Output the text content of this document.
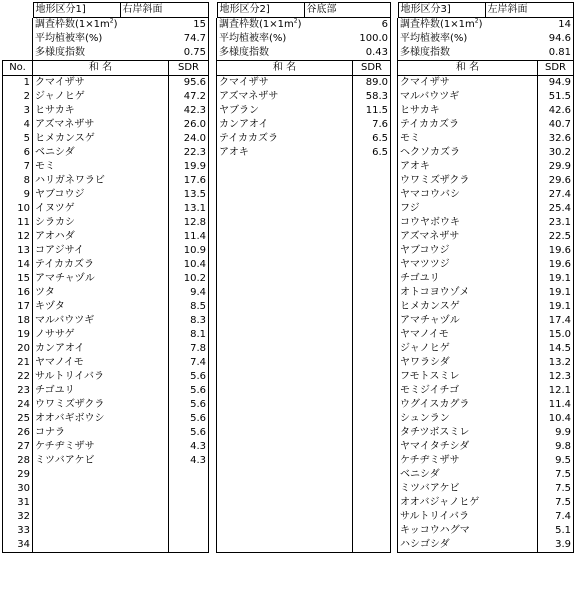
	地形区分1] 右岸斜面	

	調査枠数$(1\times 1m^2)$	15
	平均植被率(%)	74.7
	多様度指数	0.75
No.	和 名	SDR
1	クマイザサ	95.6
2	ジャノヒゲ	47.2
3	ヒサカキ	42.3
4	アズマネザサ	26.0
5	ヒメカンスゲ	24.0
6	ベニシダ	22.3
7	モミ	19.9
8	ハリガネワラビ	17.6
9	ヤブコウジ	13.5
10	イヌツゲ	13.1
11	シラカシ	12.8
12	アオハダ	11.4
13	コアジサイ	10.9
14	テイカカズラ	10.4
15	アマチャヅル	10.2
16	ツタ	9.4
17	キヅタ	8.5
18	マルバウツギ	8.3
19	ノササゲ	8.1
20	カンアオイ	7.8
21	ヤマノイモ	7.4
22	サルトリイバラ	5.6
23	チゴユリ	5.6
24	ウワミズザクラ	5.6
25	オオバギボウシ	5.6
26	コナラ	5.6
27	ケチヂミザサ	4.3
28	ミツバアケビ	4.3
29		
30		
31		
32		
33		
34		
地形区分2] 谷底部	

調査枠数$(1\times 1m^2)$	6
平均植被率(%)	100.0
多様度指数	0.43
和 名	SDR
クマイザサ	89.0
アズマネザサ	58.3
ヤブラン	11.5
カンアオイ	7.6
テイカカズラ	6.5
アオキ	6.5

地形区分3] 左岸斜面	

調査枠数$(1\times 1m^2)$	14
平均植被率(%)	94.6
多様度指数	0.81
和 名	SDR
クマイザサ	94.9
マルバウツギ	51.5
ヒサカキ	42.6
テイカカズラ	40.7
モミ	32.6
ヘクソカズラ	30.2
アオキ	29.9
ウワミズザクラ	29.6
ヤマコウバシ	27.4
フジ	25.4
コウヤボウキ	23.1
アズマネザサ	22.5
ヤブコウジ	19.6
ヤマツツジ	19.6
チゴユリ	19.1
オトコヨウゾメ	19.1
ヒメカンスゲ	19.1
アマチャヅル	17.4
ヤマノイモ	15.0
ジャノヒゲ	14.5
ヤワラシダ	13.2
フモトスミレ	12.3
モミジイチゴ	12.1
ウグイスカグラ	11.4
シュンラン	10.4
タチツボスミレ	9.9
ヤマイタチシダ	9.8
ケチヂミザサ	9.5
ベニシダ	7.5
ミツバアケビ	7.5
オオバジャノヒゲ	7.5
サルトリイバラ	7.4
キッコウハグマ	5.1
ハシゴシダ	3.9
